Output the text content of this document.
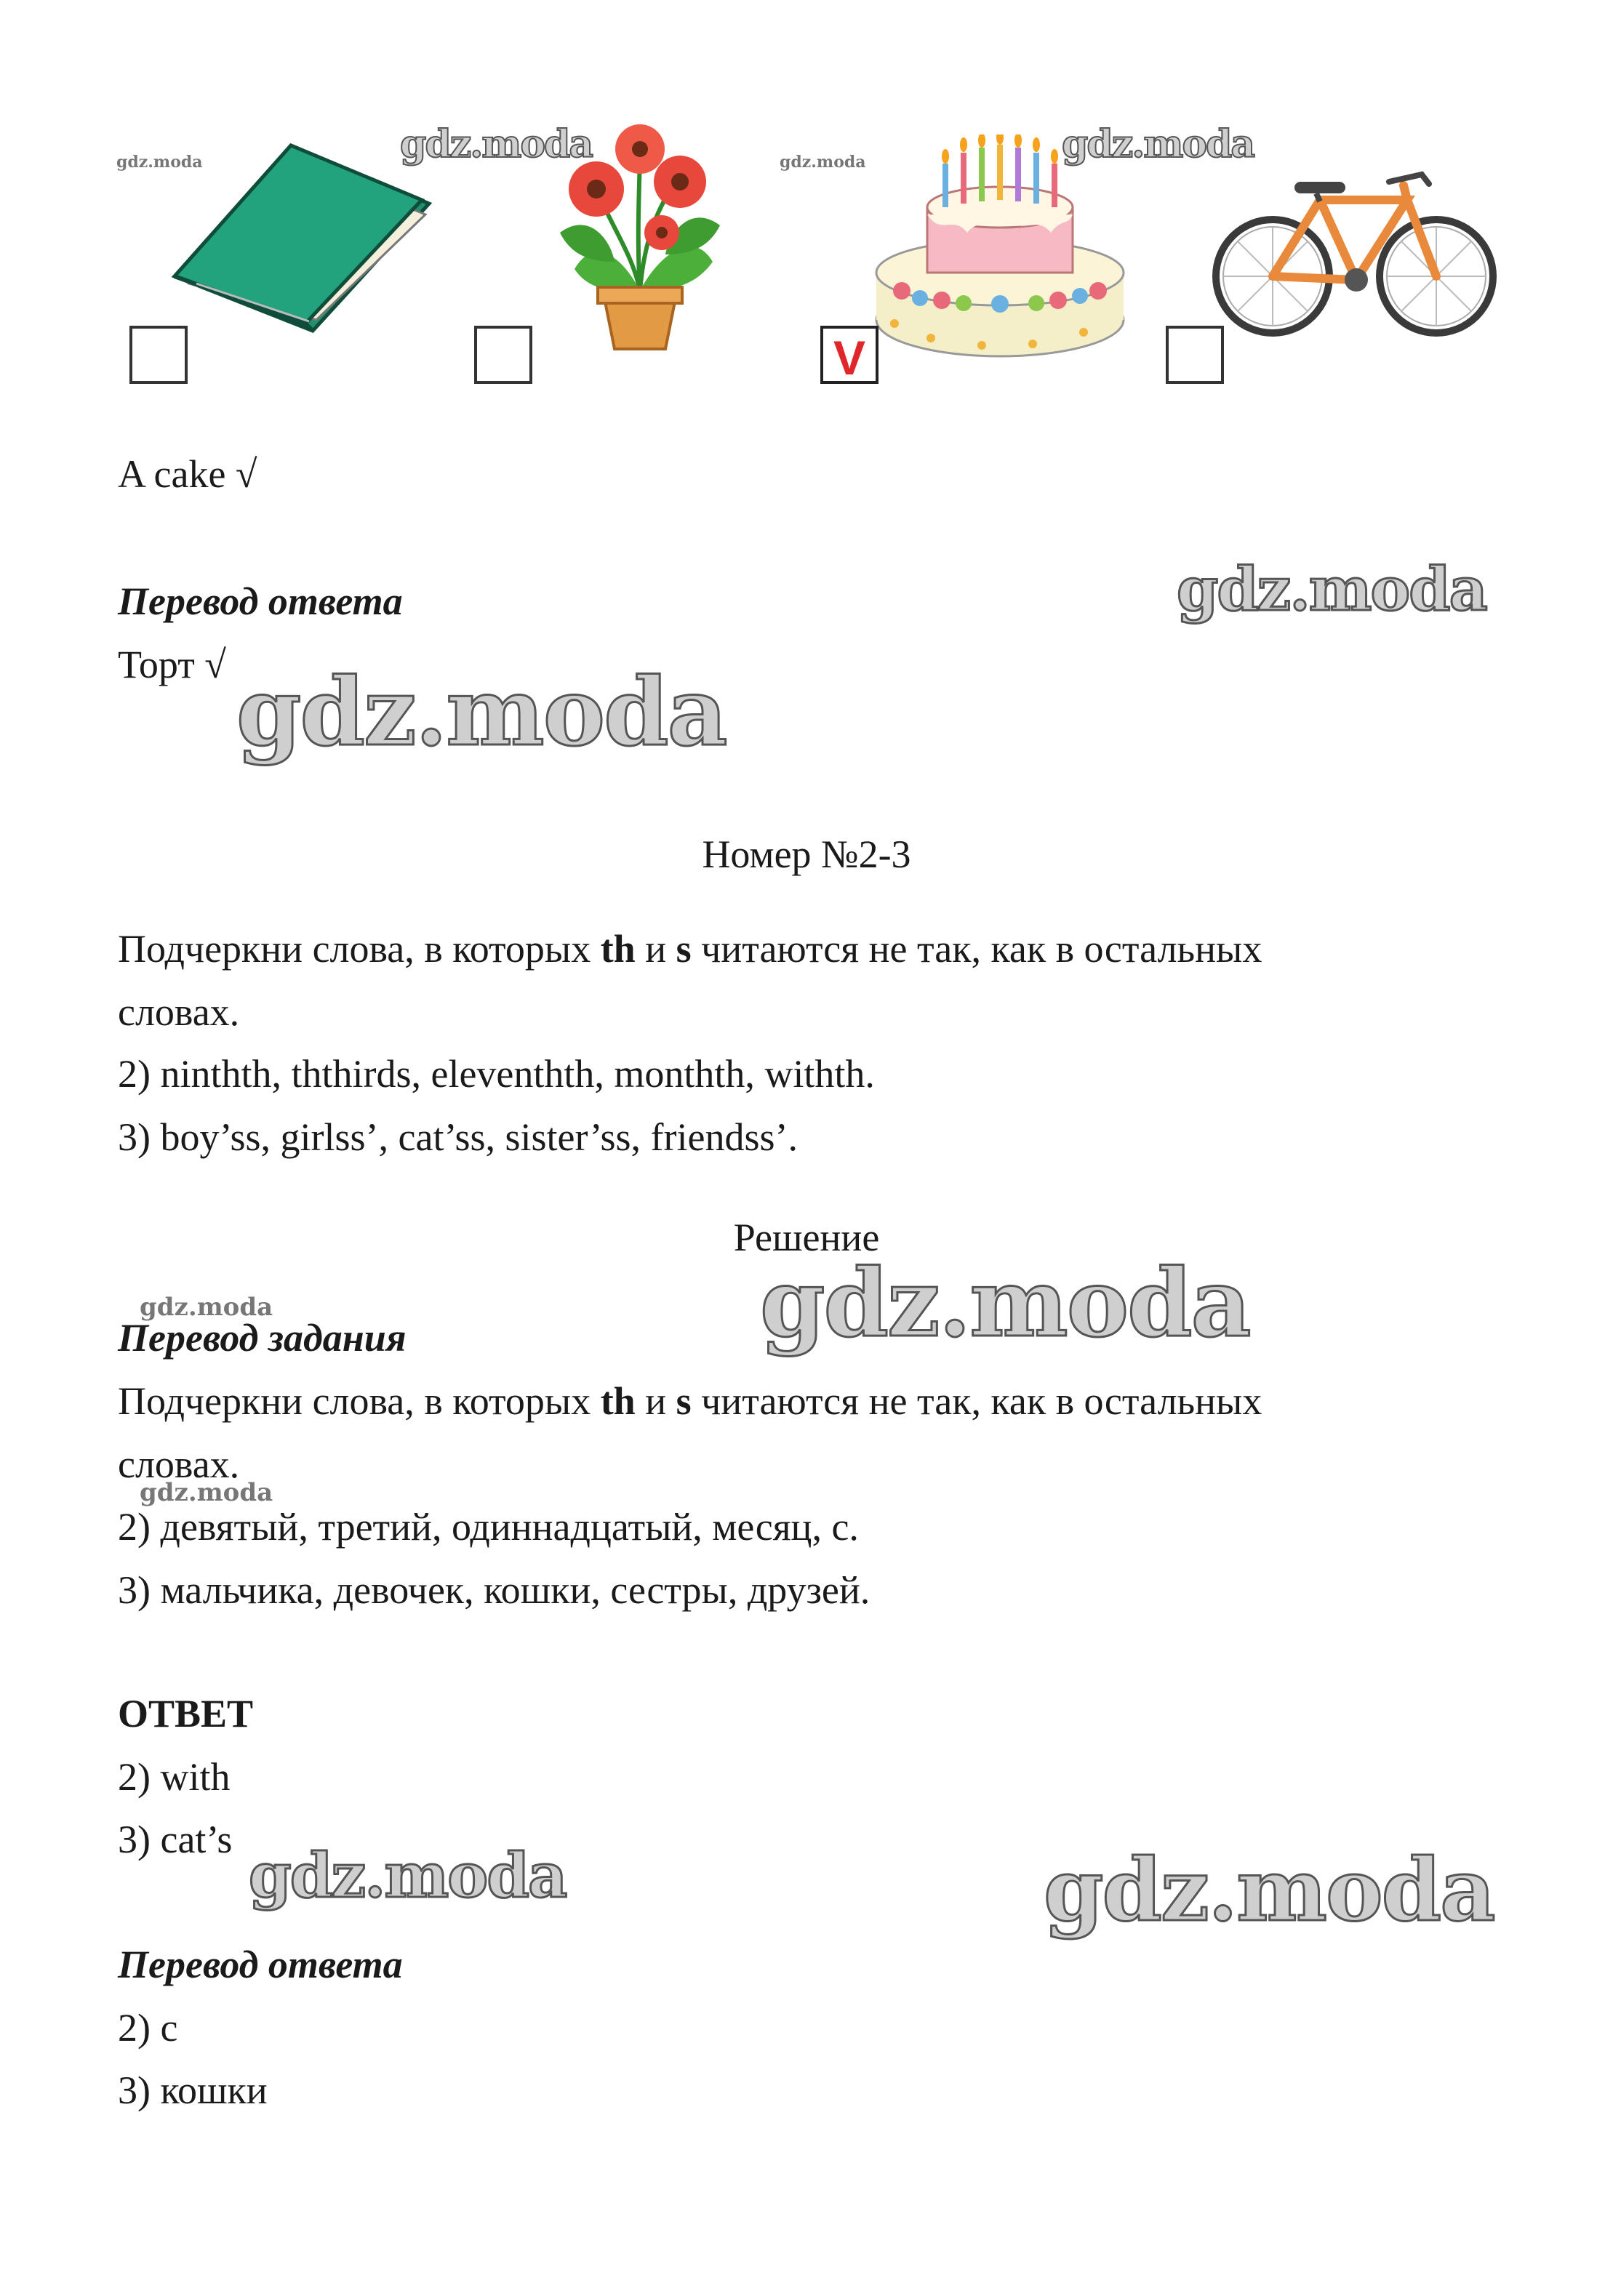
V
A cake √
Перевод ответа
Торт √
Номер №2-3
Подчеркни слова, в которых th и s читаются не так, как в остальных
словах.
2) ninthth, ththirds, eleventhth, monthth, withth.
3) boy’ss, girlss’, cat’ss, sister’ss, friendss’.
Решение
Перевод задания
Подчеркни слова, в которых th и s читаются не так, как в остальных
словах.
2) девятый, третий, одиннадцатый, месяц, с.
3) мальчика, девочек, кошки, сестры, друзей.
ОТВЕТ
2) with
3) cat’s
Перевод ответа
2) с
3) кошки
gdz.moda	gdz.moda	gdz.moda	gdz.moda
gdz.moda
gdz.moda
gdz.moda	gdz.moda
gdz.moda
gdz.moda	gdz.moda
